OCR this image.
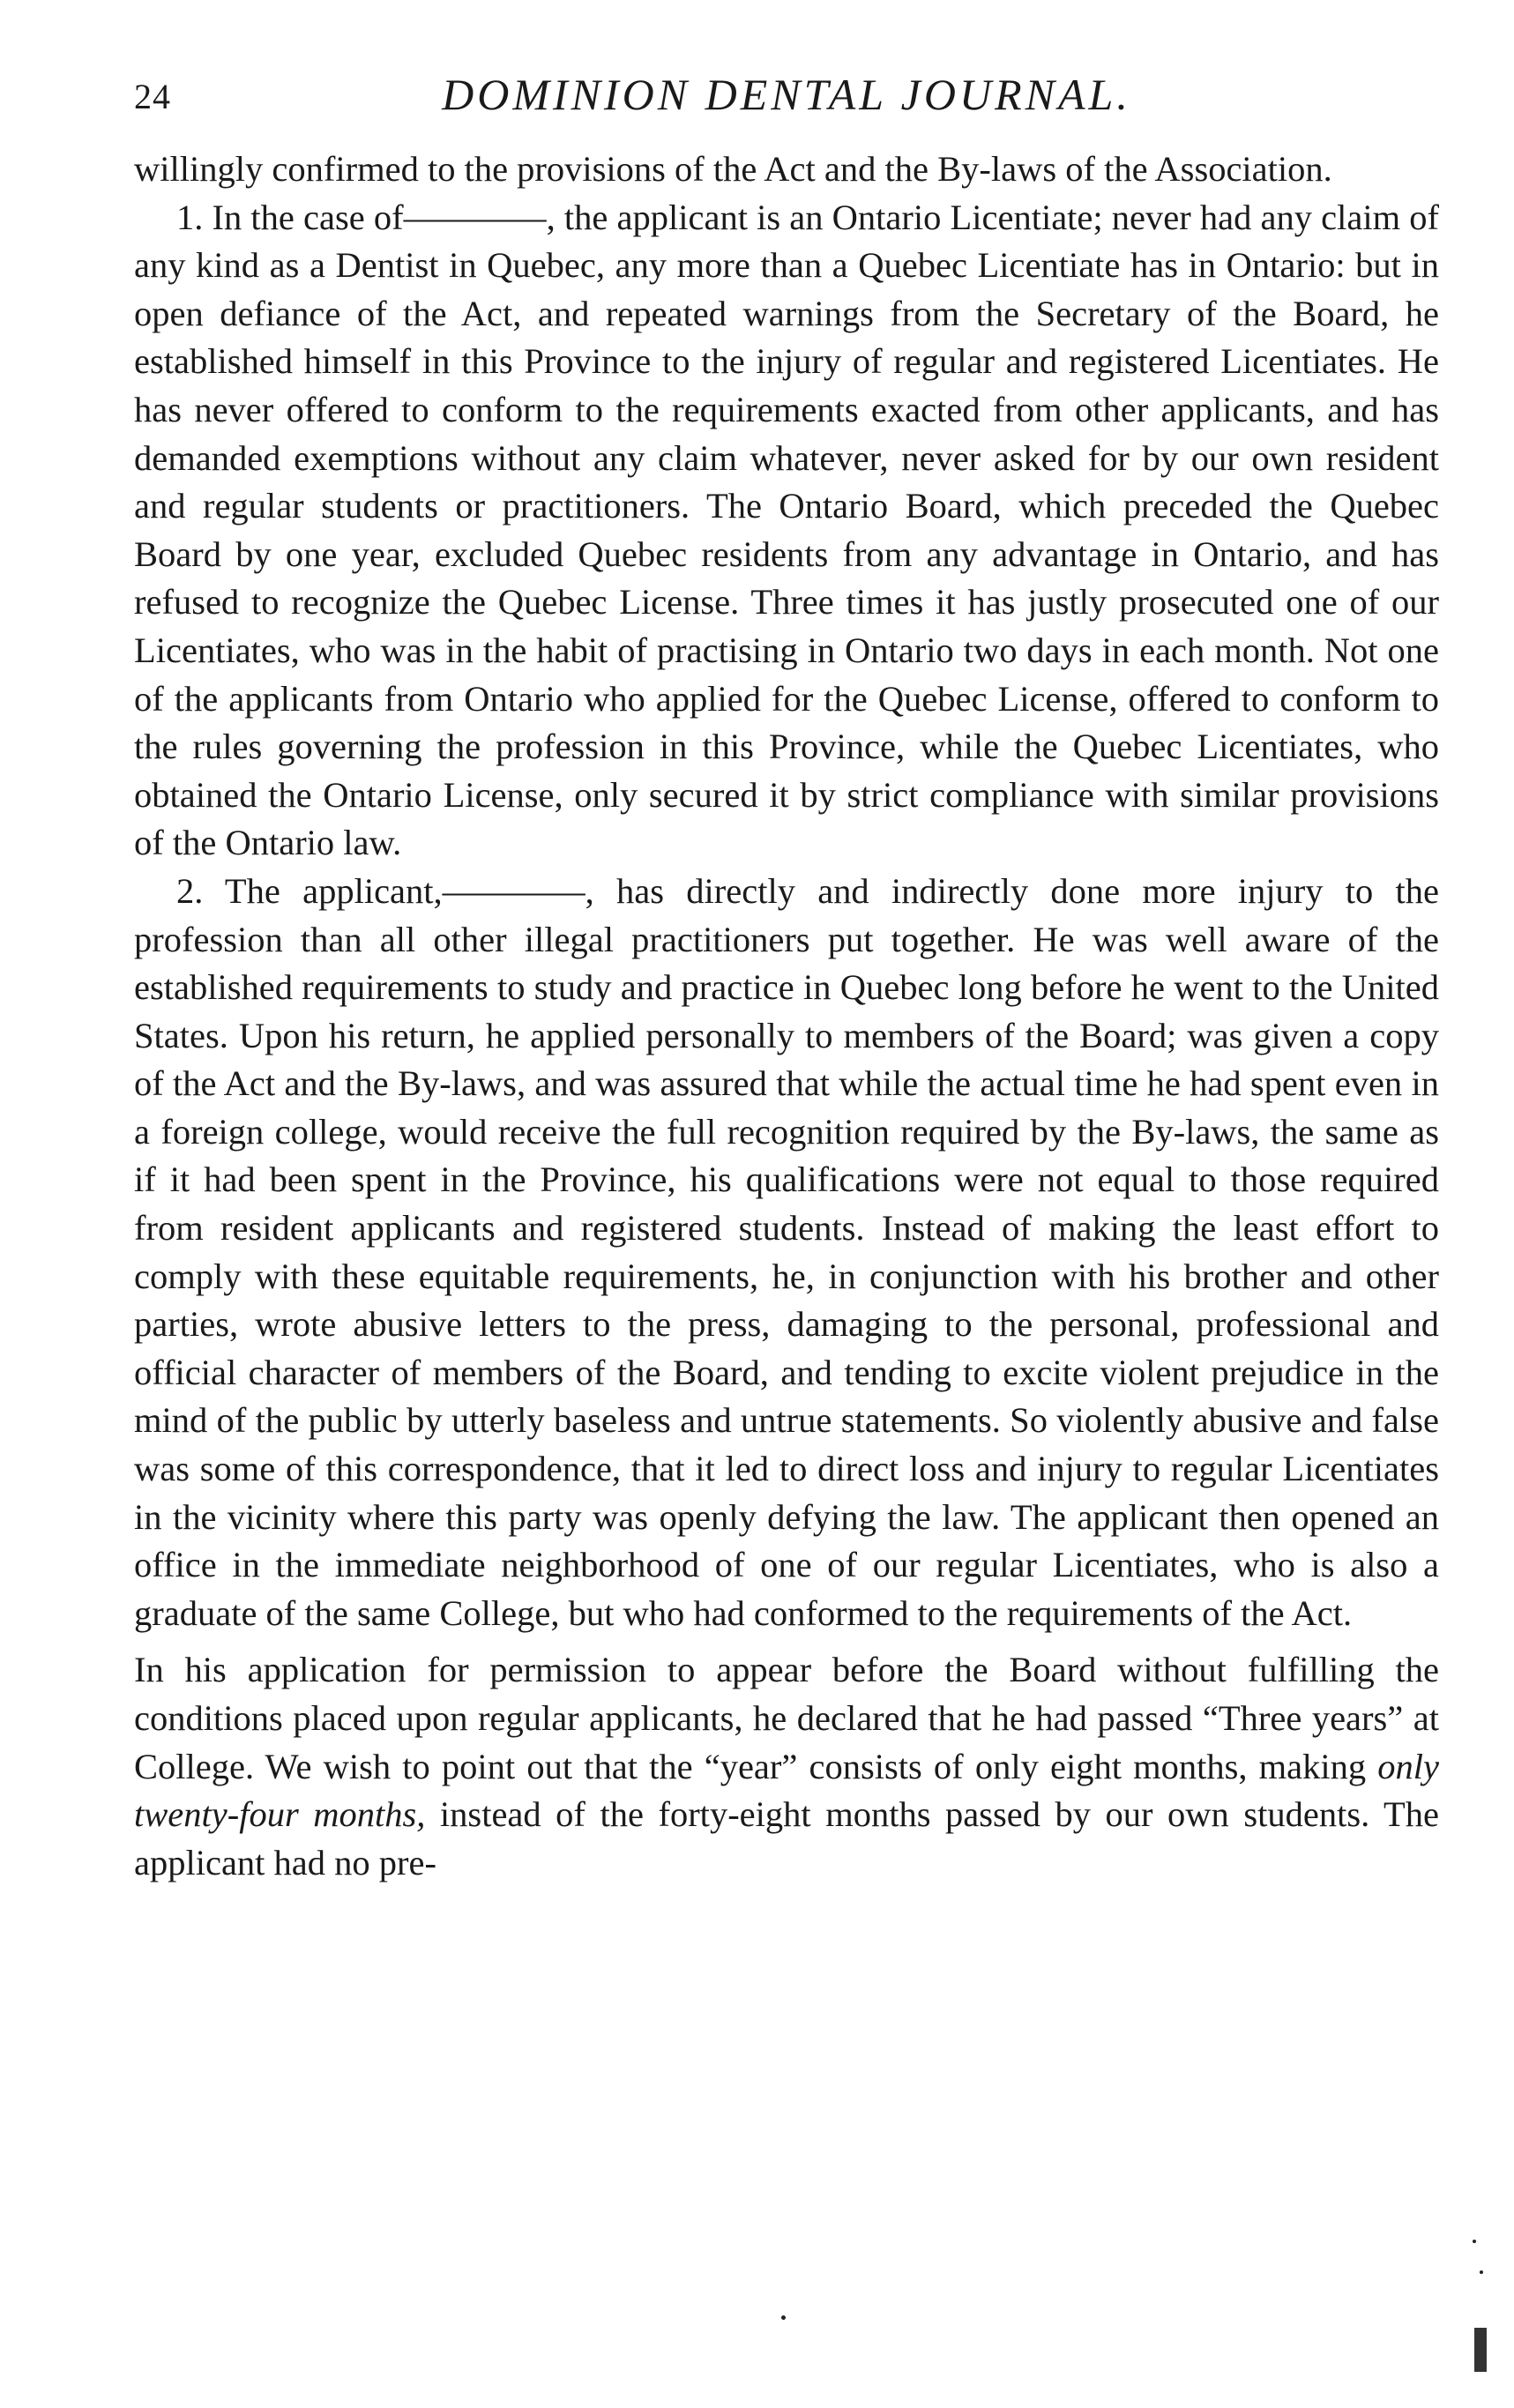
24	DOMINION DENTAL JOURNAL.

willingly confirmed to the provisions of the Act and the By-laws of the Association.

1. In the case of————, the applicant is an Ontario Licentiate; never had any claim of any kind as a Dentist in Quebec, any more than a Quebec Licentiate has in Ontario: but in open defiance of the Act, and repeated warnings from the Secretary of the Board, he established himself in this Province to the injury of regular and registered Licentiates. He has never offered to conform to the requirements exacted from other applicants, and has demanded exemptions without any claim whatever, never asked for by our own resident and regular students or practitioners. The Ontario Board, which preceded the Quebec Board by one year, excluded Quebec residents from any advantage in Ontario, and has refused to recognize the Quebec License. Three times it has justly prosecuted one of our Licentiates, who was in the habit of practising in Ontario two days in each month. Not one of the applicants from Ontario who applied for the Quebec License, offered to conform to the rules governing the profession in this Province, while the Quebec Licentiates, who obtained the Ontario License, only secured it by strict compliance with similar provisions of the Ontario law.

2. The applicant,————, has directly and indirectly done more injury to the profession than all other illegal practitioners put together. He was well aware of the established requirements to study and practice in Quebec long before he went to the United States. Upon his return, he applied personally to members of the Board; was given a copy of the Act and the By-laws, and was assured that while the actual time he had spent even in a foreign college, would receive the full recognition required by the By-laws, the same as if it had been spent in the Province, his qualifications were not equal to those required from resident applicants and registered students. Instead of making the least effort to comply with these equitable requirements, he, in conjunction with his brother and other parties, wrote abusive letters to the press, damaging to the personal, professional and official character of members of the Board, and tending to excite violent prejudice in the mind of the public by utterly baseless and untrue statements. So violently abusive and false was some of this correspondence, that it led to direct loss and injury to regular Licentiates in the vicinity where this party was openly defying the law. The applicant then opened an office in the immediate neighborhood of one of our regular Licentiates, who is also a graduate of the same College, but who had conformed to the requirements of the Act.

In his application for permission to appear before the Board without fulfilling the conditions placed upon regular applicants, he declared that he had passed “Three years” at College. We wish to point out that the “year” consists of only eight months, making only twenty-four months, instead of the forty-eight months passed by our own students. The applicant had no pre-
